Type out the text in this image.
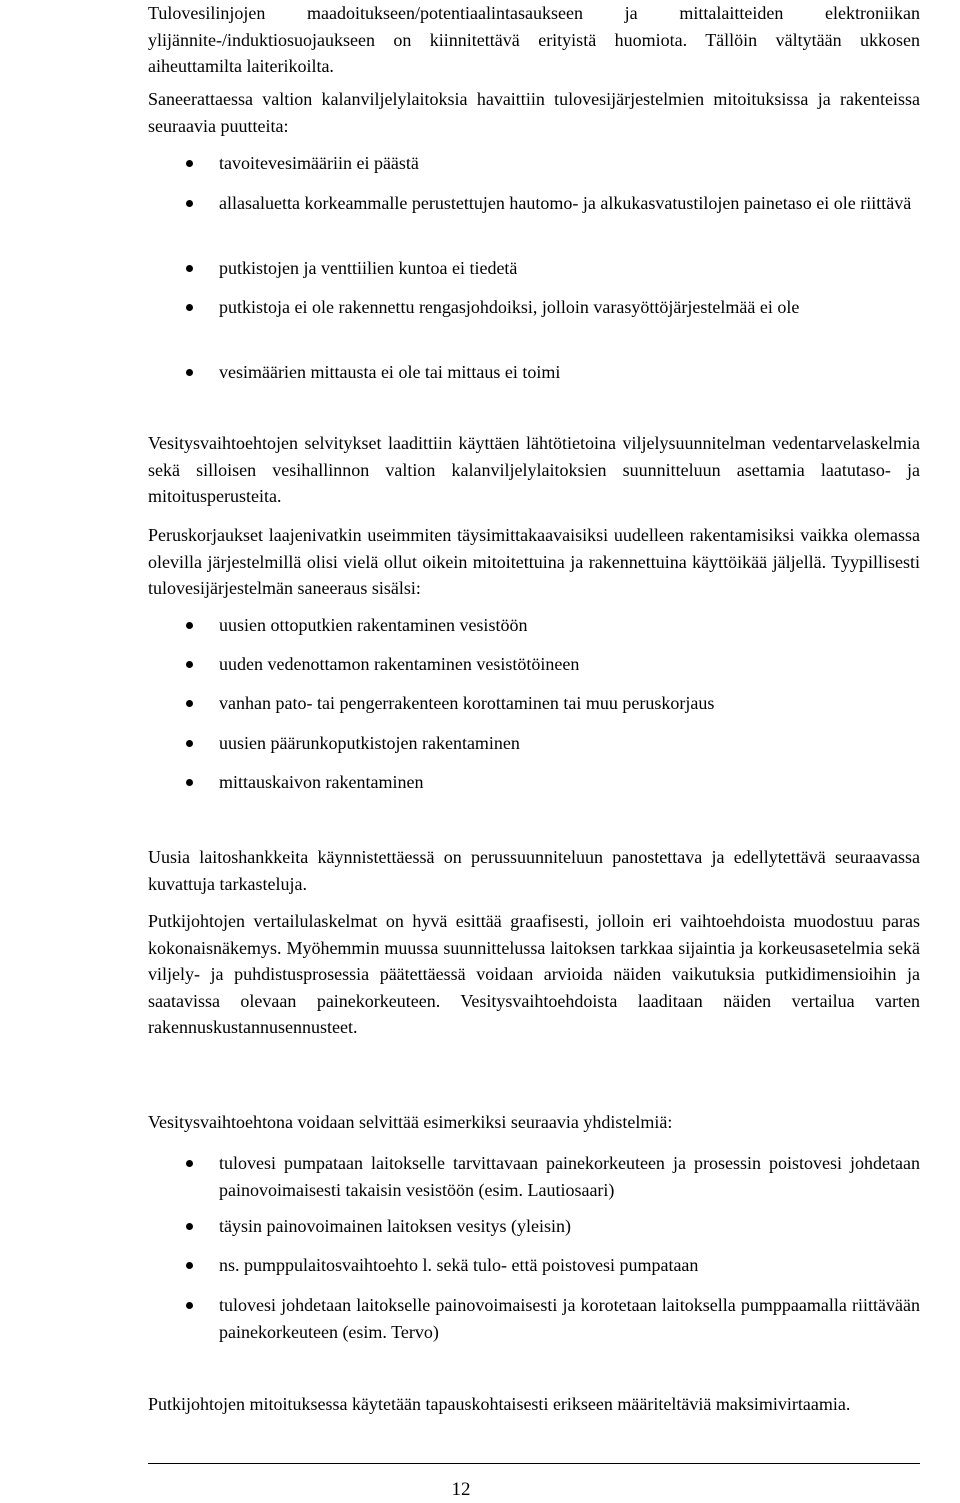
Tulovesilinjojen maadoitukseen/potentiaalintasaukseen ja mittalaitteiden elektroniikan ylijännite-/induktiosuojaukseen on kiinnitettävä erityistä huomiota. Tällöin vältytään ukkosen aiheuttamilta laiterikoilta.

Saneerattaessa valtion kalanviljelylaitoksia havaittiin tulovesijärjestelmien mitoituksissa ja rakenteissa seuraavia puutteita:

tavoitevesimääriin ei päästä
allasaluetta korkeammalle perustettujen hautomo- ja alkukasvatustilojen painetaso ei ole riittävä
putkistojen ja venttiilien kuntoa ei tiedetä
putkistoja ei ole rakennettu rengasjohdoiksi, jolloin varasyöttöjärjestelmää ei ole
vesimäärien mittausta ei ole tai mittaus ei toimi

Vesitysvaihtoehtojen selvitykset laadittiin käyttäen lähtötietoina viljelysuunnitelman vedentarvelaskelmia sekä silloisen vesihallinnon valtion kalanviljelylaitoksien suunnitteluun asettamia laatutaso- ja mitoitusperusteita.

Peruskorjaukset laajenivatkin useimmiten täysimittakaavaisiksi uudelleen rakentamisiksi vaikka olemassa olevilla järjestelmillä olisi vielä ollut oikein mitoitettuina ja rakennettuina käyttöikää jäljellä. Tyypillisesti tulovesijärjestelmän saneeraus sisälsi:

uusien ottoputkien rakentaminen vesistöön
uuden vedenottamon rakentaminen vesistötöineen
vanhan pato- tai pengerrakenteen korottaminen tai muu peruskorjaus
uusien päärunkoputkistojen rakentaminen
mittauskaivon rakentaminen

Uusia laitoshankkeita käynnistettäessä on perussuunniteluun panostettava ja edellytettävä seuraavassa kuvattuja tarkasteluja.

Putkijohtojen vertailulaskelmat on hyvä esittää graafisesti, jolloin eri vaihtoehdoista muodostuu paras kokonaisnäkemys. Myöhemmin muussa suunnittelussa laitoksen tarkkaa sijaintia ja korkeusasetelmia sekä viljely- ja puhdistusprosessia päätettäessä voidaan arvioida näiden vaikutuksia putkidimensioihin ja saatavissa olevaan painekorkeuteen. Vesitysvaihtoehdoista laaditaan näiden vertailua varten rakennuskustannusennusteet.

Vesitysvaihtoehtona voidaan selvittää esimerkiksi seuraavia yhdistelmiä:

tulovesi pumpataan laitokselle tarvittavaan painekorkeuteen ja prosessin poistovesi johdetaan painovoimaisesti takaisin vesistöön (esim. Lautiosaari)
täysin painovoimainen laitoksen vesitys (yleisin)
ns. pumppulaitosvaihtoehto l. sekä tulo- että poistovesi pumpataan
tulovesi johdetaan laitokselle painovoimaisesti ja korotetaan laitoksella pumppaamalla riittävään painekorkeuteen (esim. Tervo)

Putkijohtojen mitoituksessa käytetään tapauskohtaisesti erikseen määriteltäviä maksimivirtaamia.

12
